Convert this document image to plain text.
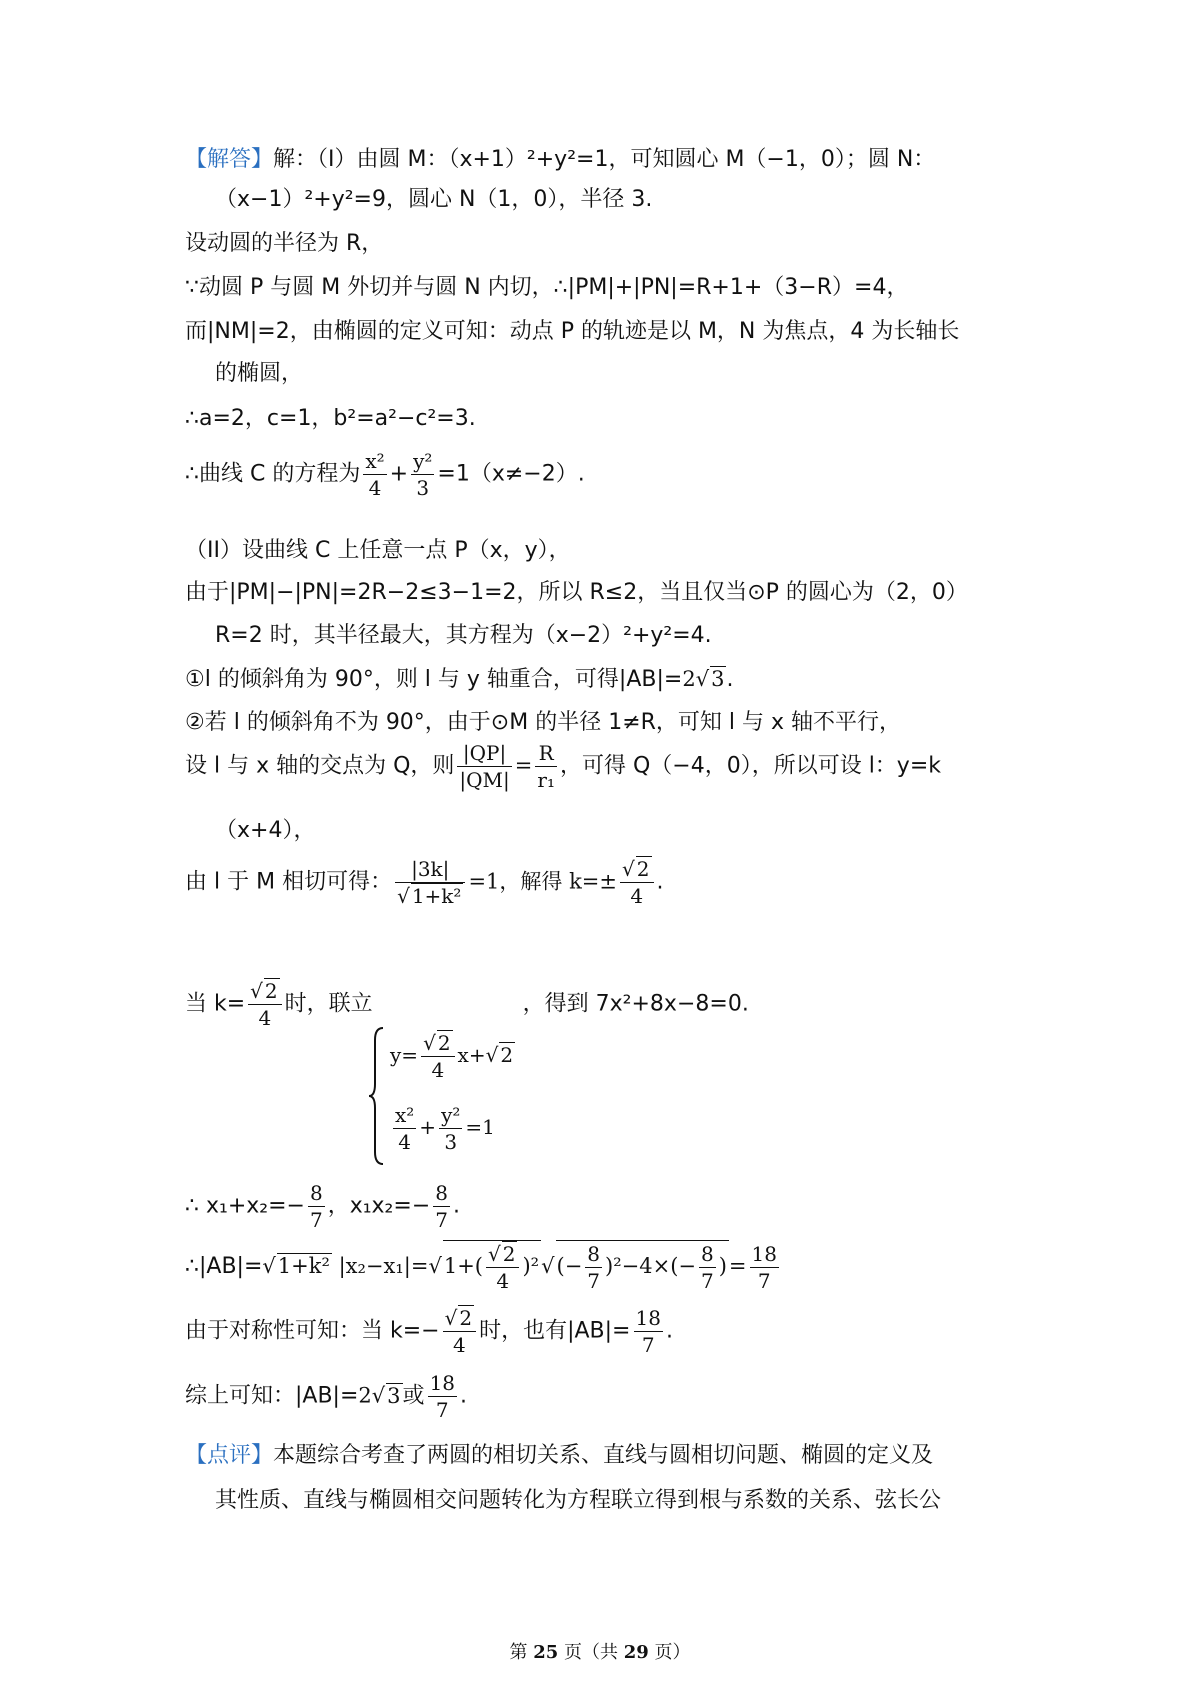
【解答】解：（I）由圆 M：（x+1）²+y²=1，可知圆心 M（⁠−1，0）；圆 N：
（x−1）²+y²=9，圆心 N（1，0），半径 3.
设动圆的半径为 R，
∵动圆 P 与圆 M 外切并与圆 N 内切，∴|PM|+|PN|=R+1+（3−R）=4，
而|NM|=2，由椭圆的定义可知：动点 P 的轨迹是以 M，N 为焦点，4 为长轴长
的椭圆，
∴a=2，c=1，b²=a²−c²=3.
∴曲线 C 的方程为 $\frac{\text{x²}}{4} + \frac{\text{y²}}{3} =1(x\ne-2)$.
（II）设曲线 C 上任意一点 P（x，y），
由于|PM|−|PN|=2R−2≤3−1=2，所以 R≤2，当且仅当⊙P 的圆心为（2，0）
R=2 时，其半径最大，其方程为（x−2）²+y²=4.
①l 的倾斜角为 90°，则 l 与 y 轴重合，可得|AB|=2√3.
②若 l 的倾斜角不为 90°，由于⊙M 的半径 1≠R，可知 l 与 x 轴不平行，
设 l 与 x 轴的交点为 Q，则 $\frac{|QP|}{|QM|} = \frac{R}{\text{r₁}}$ ，可得 Q（−4，0），所以可设 l：y=k
（x+4），
由 l 于 M 相切可得： $\frac{|3k|}{\text{√ 1+k²}} =1$，解得 $k=\pm \frac{√ 2}{4}$ .
当 $k= \frac{√ 2}{4}$ 时，联立	，得到 7x²+8x−8=0.
$y= \frac{√ 2}{4} x+√$ 2
$\frac{\text{x²}}{4} + \frac{\text{y²}}{3} =1$
∴ $x_1+x_2=- \frac{8}{7}$ ，$x_1x_2=- \frac{8}{7}$ .
∴|AB|=√1+k² $|x_2-x_1|=√1+( \frac{√ 2}{4} )^2√(- \frac{8}{7} )^2-4\times(- \frac{8}{7}$ )= $\frac{18}{7}$
由于对称性可知：当 $k=- \frac{√ 2}{4}$ 时，也有$|AB|= \frac{18}{7}$ .
综上可知：|AB|=2√3或 $\frac{18}{7}$ .
【点评】本题综合考查了两圆的相切关系、直线与圆相切问题、椭圆的定义及
其性质、直线与椭圆相交问题转化为方程联立得到根与系数的关系、弦长公
第 25 页（共 29 页）
